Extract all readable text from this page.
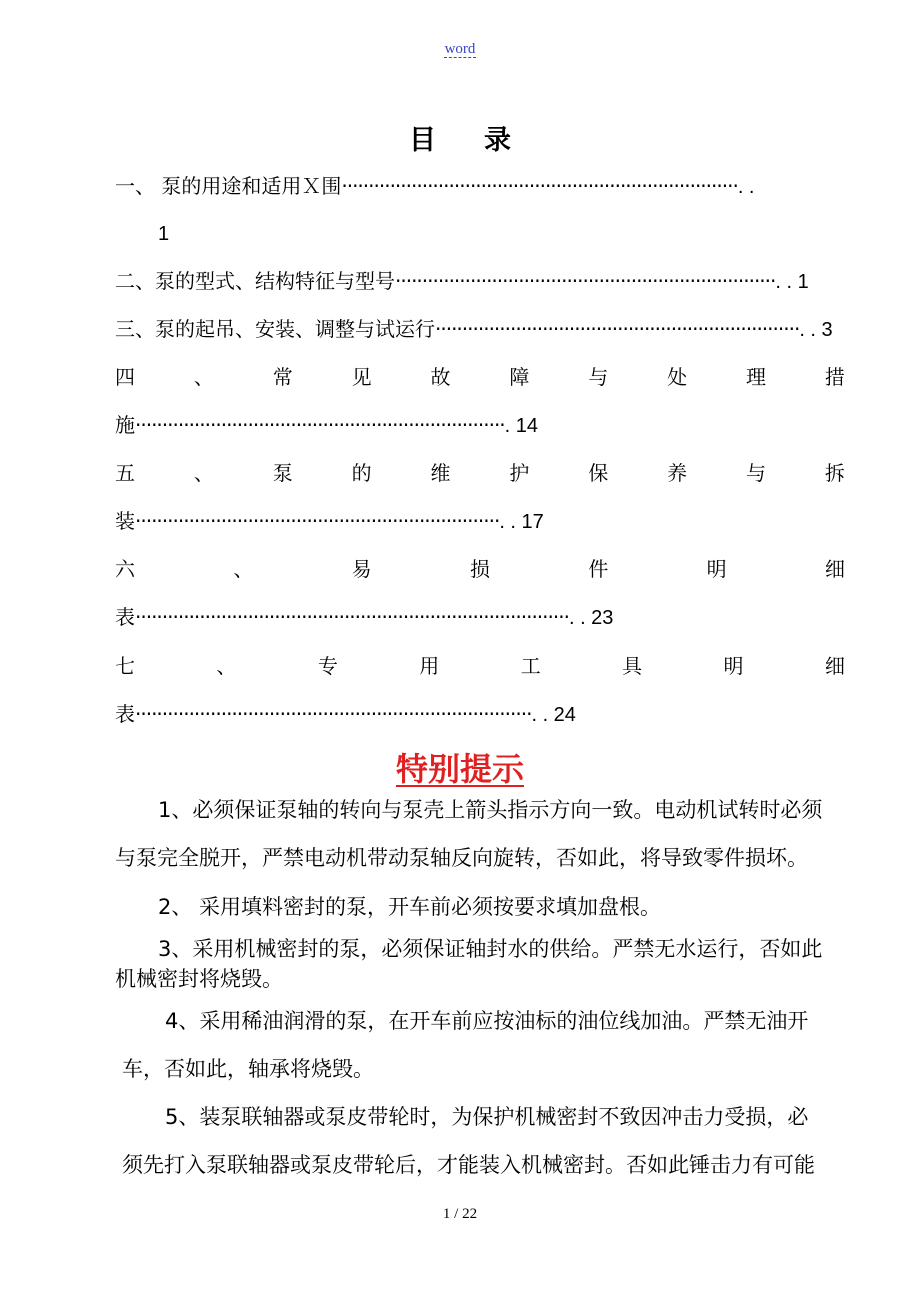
word
目录
一、 泵的用途和适用Ｘ围··········································································. .
1
二、泵的型式、结构特征与型号·······································································. . 1
三、泵的起吊、安装、调整与试运行····································································. . 3
四	、	常	见	故	障	与	处	理	措
施·····································································. 14
五	、	泵	的	维	护	保	养	与	拆
装····································································. . 17
六	、	易	损	件	明	细
表·················································································. . 23
七	、	专	用	工	具	明	细
表··········································································. . 24
特别提示
1、必须保证泵轴的转向与泵壳上箭头指示方向一致。电动机试转时必须
与泵完全脱开，严禁电动机带动泵轴反向旋转，否如此，将导致零件损坏。
2、 采用填料密封的泵，开车前必须按要求填加盘根。
3、采用机械密封的泵，必须保证轴封水的供给。严禁无水运行，否如此
机械密封将烧毁。
4、采用稀油润滑的泵，在开车前应按油标的油位线加油。严禁无油开
车，否如此，轴承将烧毁。
5、装泵联轴器或泵皮带轮时，为保护机械密封不致因冲击力受损，必
须先打入泵联轴器或泵皮带轮后，才能装入机械密封。否如此锤击力有可能
1 / 22
